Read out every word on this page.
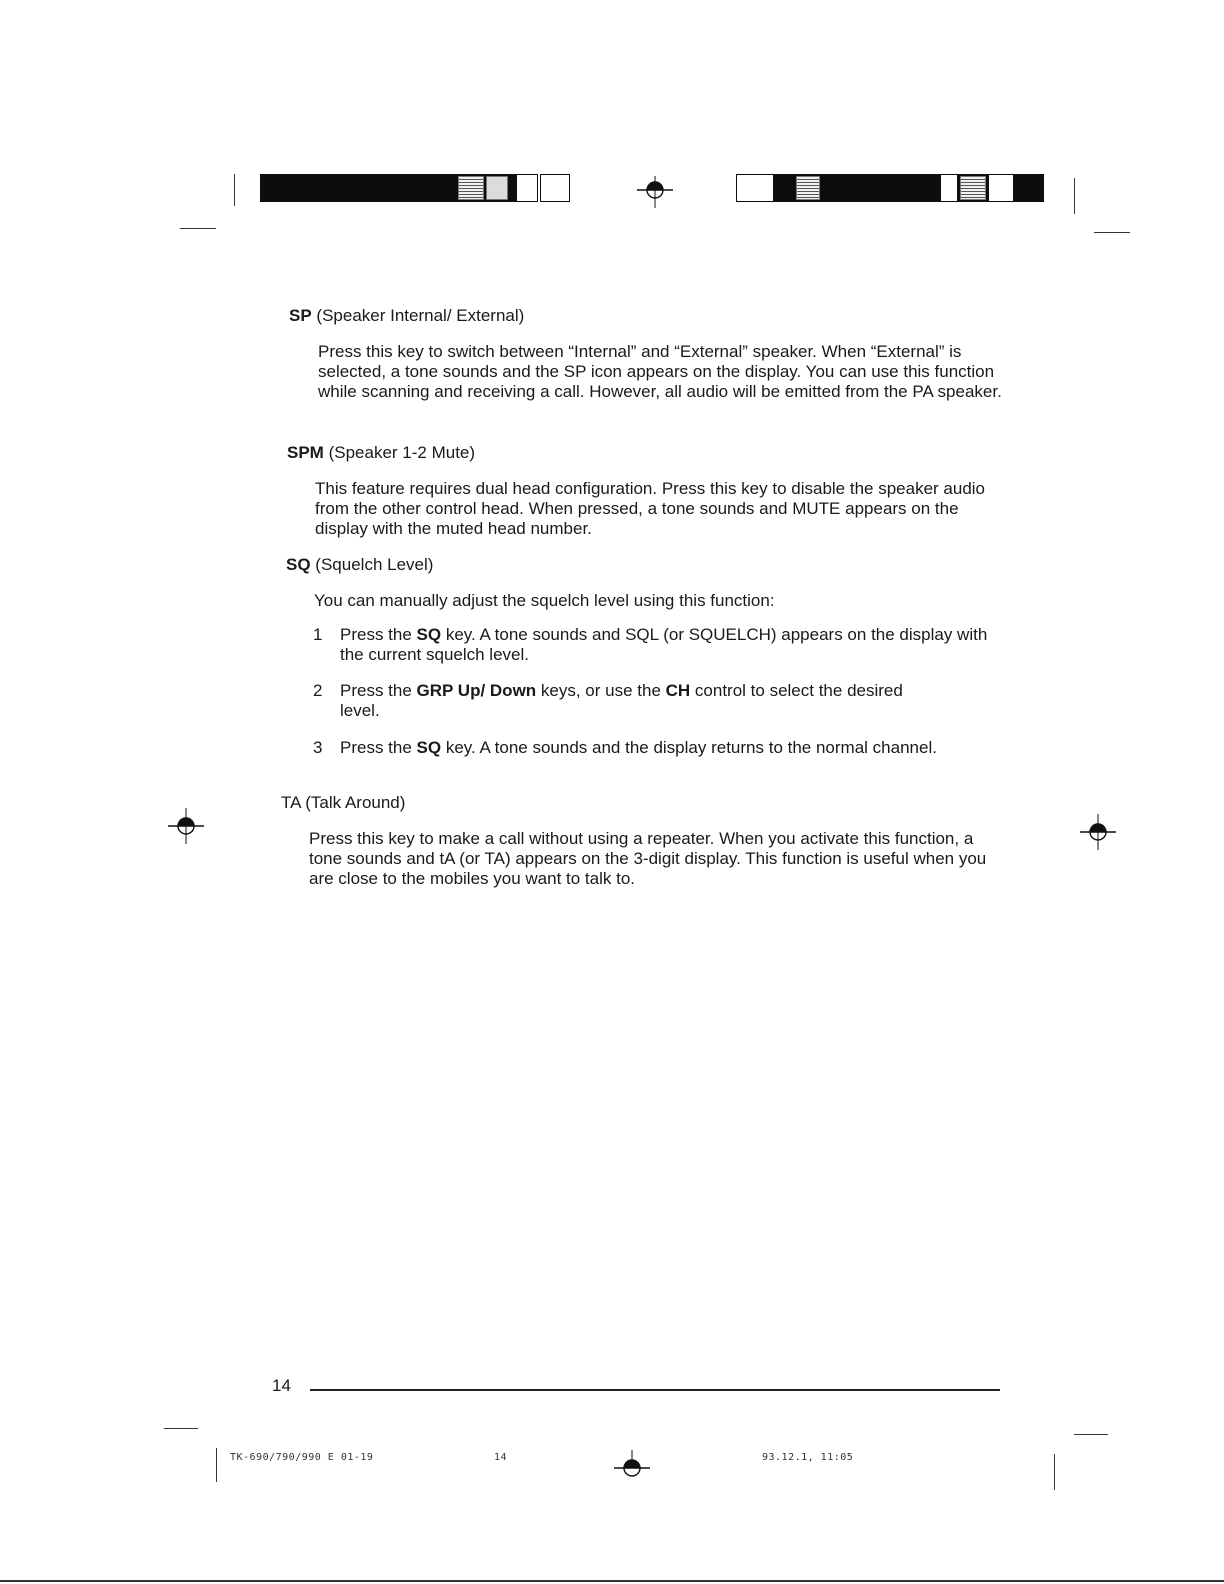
SP (Speaker Internal/ External)

Press this key to switch between “Internal” and “External” speaker. When “External” is selected, a tone sounds and the SP icon appears on the display. You can use this function while scanning and receiving a call. However, all audio will be emitted from the PA speaker.

SPM (Speaker 1-2 Mute)

This feature requires dual head configuration. Press this key to disable the speaker audio from the other control head. When pressed, a tone sounds and MUTE appears on the display with the muted head number.

SQ (Squelch Level)

You can manually adjust the squelch level using this function:

1 Press the SQ key. A tone sounds and SQL (or SQUELCH) appears on the display with the current squelch level.
2 Press the GRP Up/ Down keys, or use the CH control to select the desired level.
3 Press the SQ key. A tone sounds and the display returns to the normal channel.
TA (Talk Around)

Press this key to make a call without using a repeater. When you activate this function, a tone sounds and tA (or TA) appears on the 3-digit display. This function is useful when you are close to the mobiles you want to talk to.

14
TK-690/790/990 E 01-19	14	93.12.1, 11:05
